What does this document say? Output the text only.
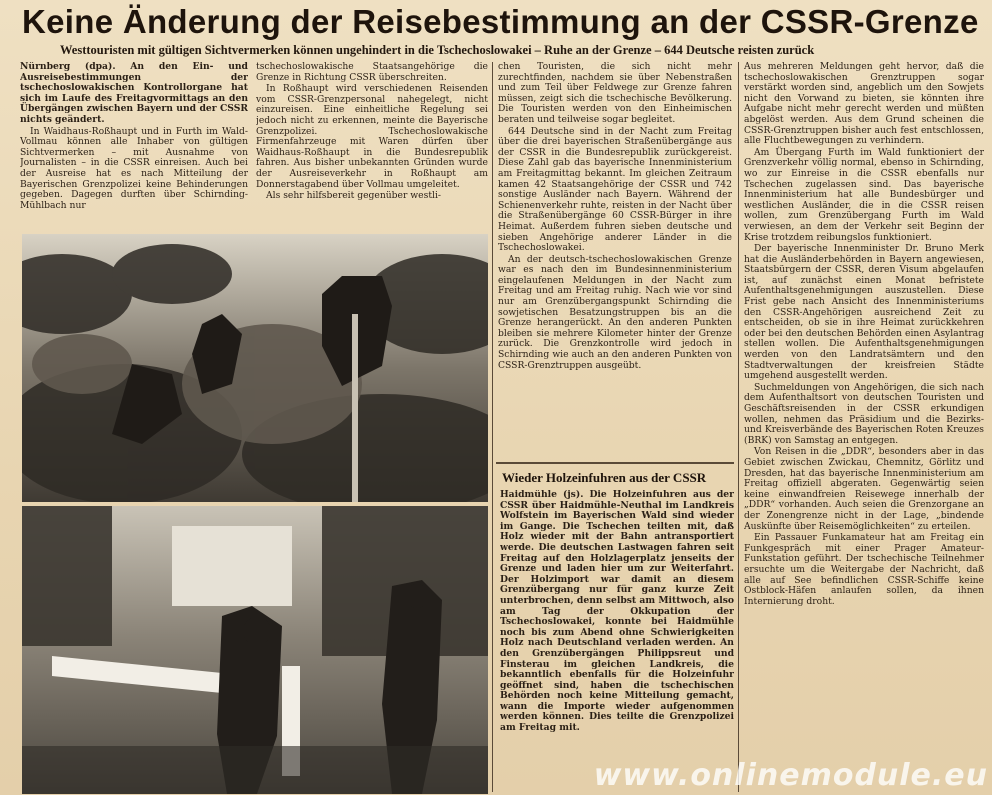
Keine Änderung der Reisebestimmung an der CSSR-Grenze
Westtouristen mit gültigen Sichtvermerken können ungehindert in die Tschechoslowakei – Ruhe an der Grenze – 644 Deutsche reisten zurück

Nürnberg (dpa). An den Ein- und Ausreisebestimmungen der tschechoslowakischen Kontrollorgane hat sich im Laufe des Freitagvormittags an den Übergängen zwischen Bayern und der CSSR nichts geändert.

In Waidhaus-Roßhaupt und in Furth im Wald-Vollmau können alle Inhaber von gültigen Sichtvermerken – mit Ausnahme von Journalisten – in die CSSR einreisen. Auch bei der Ausreise hat es nach Mitteilung der Bayerischen Grenzpolizei keine Behinderungen gegeben. Dagegen durften über Schirnding-Mühlbach nur

tschechoslowakische Staatsangehörige die Grenze in Richtung CSSR überschreiten.

In Roßhaupt wird verschiedenen Reisenden vom CSSR-Grenzpersonal nahegelegt, nicht einzureisen. Eine einheitliche Regelung sei jedoch nicht zu erkennen, meinte die Bayerische Grenzpolizei. Tschechoslowakische Firmenfahrzeuge mit Waren dürfen über Waidhaus-Roßhaupt in die Bundesrepublik fahren. Aus bisher unbekannten Gründen wurde der Ausreiseverkehr in Roßhaupt am Donnerstagabend über Vollmau umgeleitet.

Als sehr hilfsbereit gegenüber westli-

chen Touristen, die sich nicht mehr zurechtfinden, nachdem sie über Nebenstraßen und zum Teil über Feldwege zur Grenze fahren müssen, zeigt sich die tschechische Bevölkerung. Die Touristen werden von den Einheimischen beraten und teilweise sogar begleitet.

644 Deutsche sind in der Nacht zum Freitag über die drei bayerischen Straßenübergänge aus der CSSR in die Bundesrepublik zurückgereist. Diese Zahl gab das bayerische Innenministerium am Freitagmittag bekannt. Im gleichen Zeitraum kamen 42 Staatsangehörige der CSSR und 742 sonstige Ausländer nach Bayern. Während der Schienenverkehr ruhte, reisten in der Nacht über die Straßenübergänge 60 CSSR-Bürger in ihre Heimat. Außerdem fuhren sieben deutsche und sieben Angehörige anderer Länder in die Tschechoslowakei.

An der deutsch-tschechoslowakischen Grenze war es nach den im Bundesinnenministerium eingelaufenen Meldungen in der Nacht zum Freitag und am Freitag ruhig. Nach wie vor sind nur am Grenzübergangspunkt Schirnding die sowjetischen Besatzungstruppen bis an die Grenze herangerückt. An den anderen Punkten bleiben sie mehrere Kilometer hinter der Grenze zurück. Die Grenzkontrolle wird jedoch in Schirnding wie auch an den anderen Punkten von CSSR-Grenztruppen ausgeübt.

Wieder Holzeinfuhren aus der CSSR

Haidmühle (js). Die Holzeinfuhren aus der CSSR über Haidmühle-Neuthal im Landkreis Wolfstein im Bayerischen Wald sind wieder im Gange. Die Tschechen teilten mit, daß Holz wieder mit der Bahn antransportiert werde. Die deutschen Lastwagen fahren seit Freitag auf den Holzlagerplatz jenseits der Grenze und laden hier um zur Weiterfahrt. Der Holzimport war damit an diesem Grenzübergang nur für ganz kurze Zeit unterbrochen, denn selbst am Mittwoch, also am Tag der Okkupation der Tschechoslowakei, konnte bei Haidmühle noch bis zum Abend ohne Schwierigkeiten Holz nach Deutschland verladen werden. An den Grenzübergängen Philippsreut und Finsterau im gleichen Landkreis, die bekanntlich ebenfalls für die Holzeinfuhr geöffnet sind, haben die tschechischen Behörden noch keine Mitteilung gemacht, wann die Importe wieder aufgenommen werden können. Dies teilte die Grenzpolizei am Freitag mit.

Aus mehreren Meldungen geht hervor, daß die tschechoslowakischen Grenztruppen sogar verstärkt worden sind, angeblich um den Sowjets nicht den Vorwand zu bieten, sie könnten ihre Aufgabe nicht mehr gerecht werden und müßten abgelöst werden. Aus dem Grund scheinen die CSSR-Grenztruppen bisher auch fest entschlossen, alle Fluchtbewegungen zu verhindern.

Am Übergang Furth im Wald funktioniert der Grenzverkehr völlig normal, ebenso in Schirnding, wo zur Einreise in die CSSR ebenfalls nur Tschechen zugelassen sind. Das bayerische Innenministerium hat alle Bundesbürger und westlichen Ausländer, die in die CSSR reisen wollen, zum Grenzübergang Furth im Wald verwiesen, an dem der Verkehr seit Beginn der Krise trotzdem reibungslos funktioniert.

Der bayerische Innenminister Dr. Bruno Merk hat die Ausländerbehörden in Bayern angewiesen, Staatsbürgern der CSSR, deren Visum abgelaufen ist, auf zunächst einen Monat befristete Aufenthaltsgenehmigungen auszustellen. Diese Frist gebe nach Ansicht des Innenministeriums den CSSR-Angehörigen ausreichend Zeit zu entscheiden, ob sie in ihre Heimat zurückkehren oder bei den deutschen Behörden einen Asylantrag stellen wollen. Die Aufenthaltsgenehmigungen werden von den Landratsämtern und den Stadtverwaltungen der kreisfreien Städte umgehend ausgestellt werden.

Suchmeldungen von Angehörigen, die sich nach dem Aufenthaltsort von deutschen Touristen und Geschäftsreisenden in der CSSR erkundigen wollen, nehmen das Präsidium und die Bezirks- und Kreisverbände des Bayerischen Roten Kreuzes (BRK) von Samstag an entgegen.

Von Reisen in die „DDR“, besonders aber in das Gebiet zwischen Zwickau, Chemnitz, Görlitz und Dresden, hat das bayerische Innenministerium am Freitag offiziell abgeraten. Gegenwärtig seien keine einwandfreien Reisewege innerhalb der „DDR“ vorhanden. Auch seien die Grenzorgane an der Zonengrenze nicht in der Lage, „bindende Auskünfte über Reisemöglichkeiten“ zu erteilen.

Ein Passauer Funkamateur hat am Freitag ein Funkgespräch mit einer Prager Amateur-Funkstation geführt. Der tschechische Teilnehmer ersuchte um die Weitergabe der Nachricht, daß alle auf See befindlichen CSSR-Schiffe keine Ostblock-Häfen anlaufen sollen, da ihnen Internierung droht.

www.onlinemodule.eu
